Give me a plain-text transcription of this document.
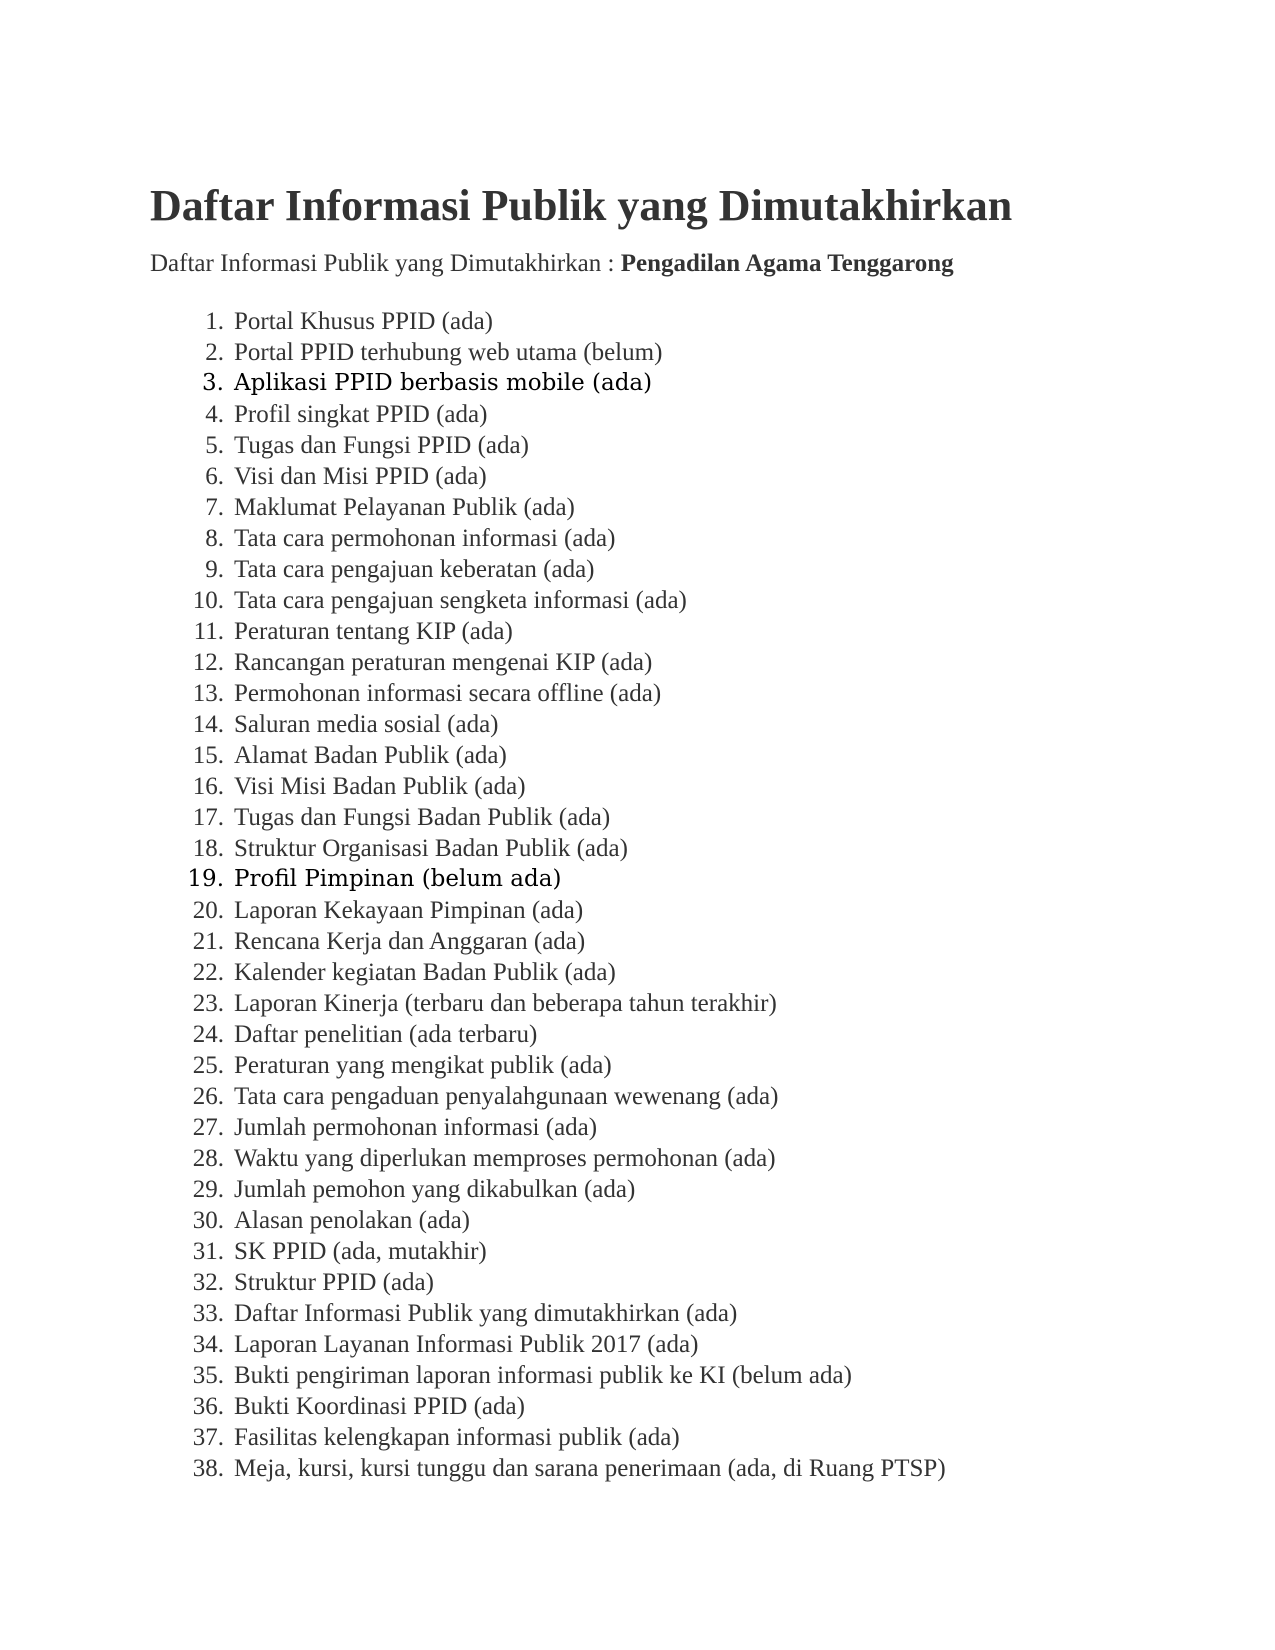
Daftar Informasi Publik yang Dimutakhirkan

Daftar Informasi Publik yang Dimutakhirkan : Pengadilan Agama Tenggarong

1. Portal Khusus PPID (ada)
2. Portal PPID terhubung web utama (belum)
3. Aplikasi PPID berbasis mobile (ada)
4. Profil singkat PPID (ada)
5. Tugas dan Fungsi PPID (ada)
6. Visi dan Misi PPID (ada)
7. Maklumat Pelayanan Publik (ada)
8. Tata cara permohonan informasi (ada)
9. Tata cara pengajuan keberatan (ada)
10. Tata cara pengajuan sengketa informasi (ada)
11. Peraturan tentang KIP (ada)
12. Rancangan peraturan mengenai KIP (ada)
13. Permohonan informasi secara offline (ada)
14. Saluran media sosial (ada)
15. Alamat Badan Publik (ada)
16. Visi Misi Badan Publik (ada)
17. Tugas dan Fungsi Badan Publik (ada)
18. Struktur Organisasi Badan Publik (ada)
19. Profil Pimpinan (belum ada)
20. Laporan Kekayaan Pimpinan (ada)
21. Rencana Kerja dan Anggaran (ada)
22. Kalender kegiatan Badan Publik (ada)
23. Laporan Kinerja (terbaru dan beberapa tahun terakhir)
24. Daftar penelitian (ada terbaru)
25. Peraturan yang mengikat publik (ada)
26. Tata cara pengaduan penyalahgunaan wewenang (ada)
27. Jumlah permohonan informasi (ada)
28. Waktu yang diperlukan memproses permohonan (ada)
29. Jumlah pemohon yang dikabulkan (ada)
30. Alasan penolakan (ada)
31. SK PPID (ada, mutakhir)
32. Struktur PPID (ada)
33. Daftar Informasi Publik yang dimutakhirkan (ada)
34. Laporan Layanan Informasi Publik 2017 (ada)
35. Bukti pengiriman laporan informasi publik ke KI (belum ada)
36. Bukti Koordinasi PPID (ada)
37. Fasilitas kelengkapan informasi publik (ada)
38. Meja, kursi, kursi tunggu dan sarana penerimaan (ada, di Ruang PTSP)
